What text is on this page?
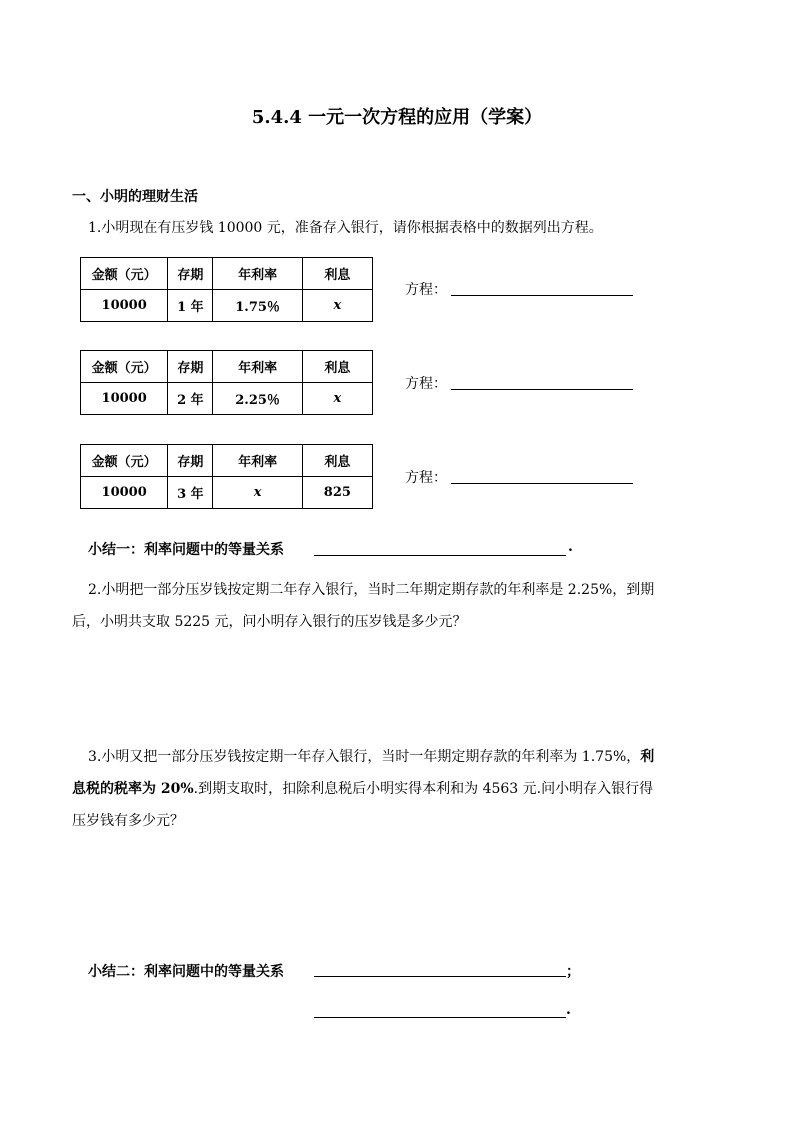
5.4.4 一元一次方程的应用（学案）
一、小明的理财生活
1.小明现在有压岁钱 10000 元，准备存入银行，请你根据表格中的数据列出方程。
金额（元）	存期	年利率	利息
10000	1 年	1.75％	x
方程：
金额（元）	存期	年利率	利息
10000	2 年	2.25％	x
方程：
金额（元）	存期	年利率	利息
10000	3 年	x	825
方程：
小结一：利率问题中的等量关系	.
2.小明把一部分压岁钱按定期二年存入银行，当时二年期定期存款的年利率是 2.25%，到期
后，小明共支取 5225 元，问小明存入银行的压岁钱是多少元？
3.小明又把一部分压岁钱按定期一年存入银行，当时一年期定期存款的年利率为 1.75%，利
息税的税率为 20%.到期支取时，扣除利息税后小明实得本利和为 4563 元.问小明存入银行得
压岁钱有多少元？
小结二：利率问题中的等量关系	；
.
